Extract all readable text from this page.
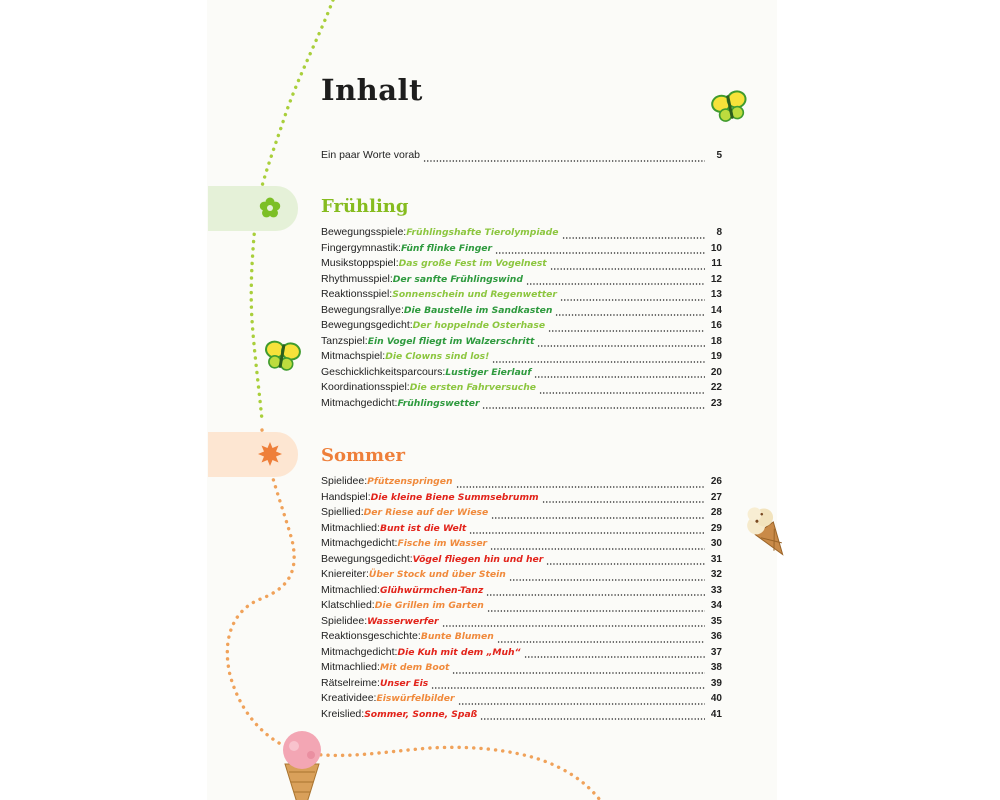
Inhalt
Frühling
Sommer
Ein paar Worte vorab	5
Bewegungsspiele: Frühlingshafte Tierolympiade	8
Fingergymnastik: Fünf flinke Finger	10
Musikstoppspiel: Das große Fest im Vogelnest	11
Rhythmusspiel: Der sanfte Frühlingswind	12
Reaktionsspiel: Sonnenschein und Regenwetter	13
Bewegungsrallye: Die Baustelle im Sandkasten	14
Bewegungsgedicht: Der hoppelnde Osterhase	16
Tanzspiel: Ein Vogel fliegt im Walzerschritt	18
Mitmachspiel: Die Clowns sind los!	19
Geschicklichkeitsparcours: Lustiger Eierlauf	20
Koordinationsspiel: Die ersten Fahrversuche	22
Mitmachgedicht: Frühlingswetter	23
Spielidee: Pfützenspringen	26
Handspiel: Die kleine Biene Summsebrumm	27
Spiellied: Der Riese auf der Wiese	28
Mitmachlied: Bunt ist die Welt	29
Mitmachgedicht: Fische im Wasser	30
Bewegungsgedicht: Vögel fliegen hin und her	31
Kniereiter: Über Stock und über Stein	32
Mitmachlied: Glühwürmchen-Tanz	33
Klatschlied: Die Grillen im Garten	34
Spielidee: Wasserwerfer	35
Reaktionsgeschichte: Bunte Blumen	36
Mitmachgedicht: Die Kuh mit dem „Muh“	37
Mitmachlied: Mit dem Boot	38
Rätselreime: Unser Eis	39
Kreatividee: Eiswürfelbilder	40
Kreislied: Sommer, Sonne, Spaß	41
